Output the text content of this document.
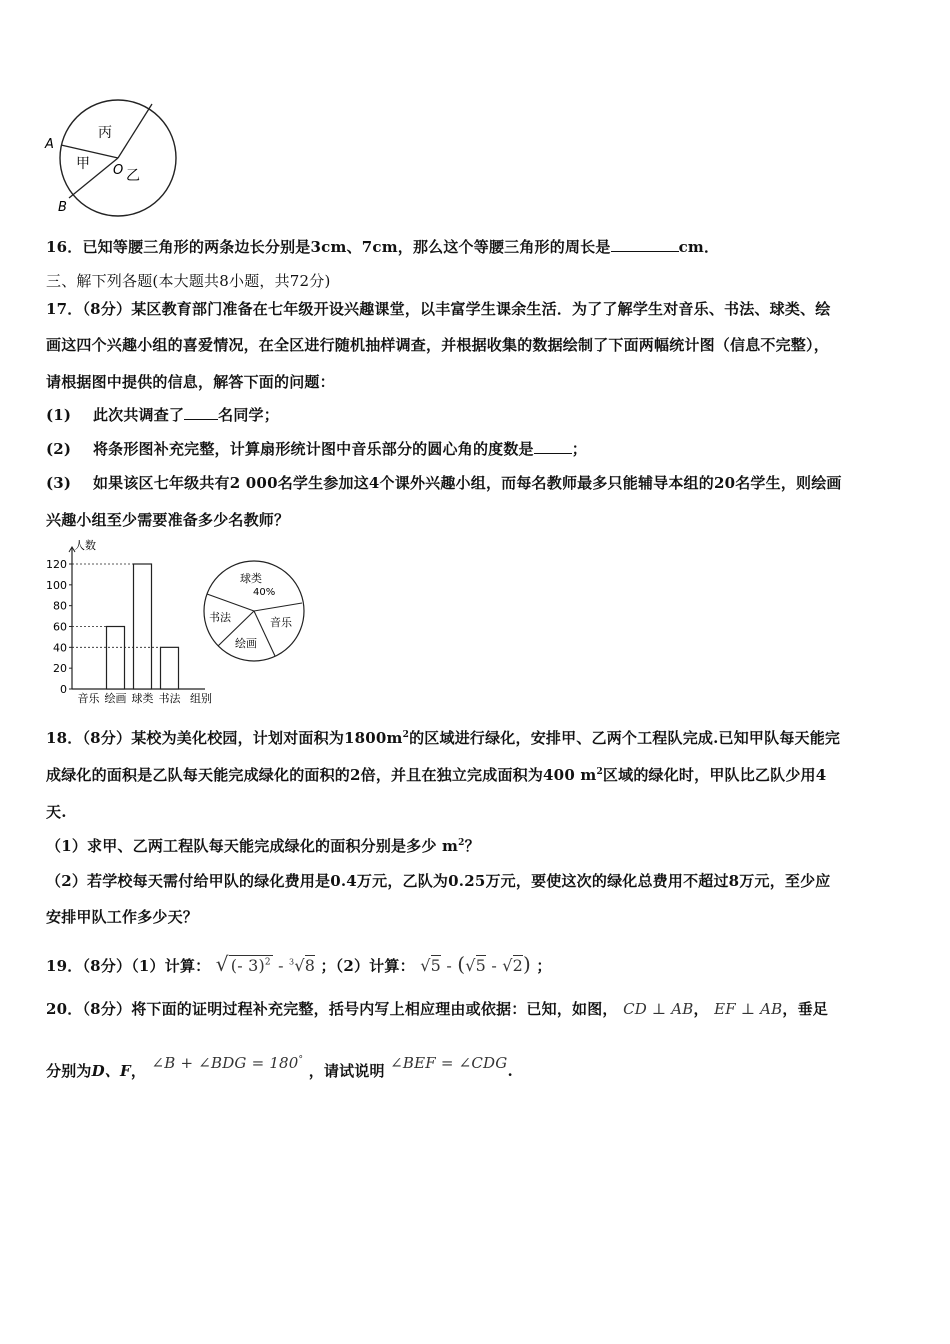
A
B
O
丙
甲
乙
16．已知等腰三角形的两条边长分别是3cm、7cm，那么这个等腰三角形的周长是	cm．
三、解下列各题(本大题共8小题，共72分)
17．（8分）某区教育部门准备在七年级开设兴趣课堂，以丰富学生课余生活．为了了解学生对音乐、书法、球类、绘
画这四个兴趣小组的喜爱情况，在全区进行随机抽样调查，并根据收集的数据绘制了下面两幅统计图（信息不完整），
请根据图中提供的信息，解答下面的问题：
(1) 此次共调查了 名同学；
(2) 将条形图补充完整，计算扇形统计图中音乐部分的圆心角的度数是	；
(3) 如果该区七年级共有2 000名学生参加这4个课外兴趣小组，而每名教师最多只能辅导本组的20名学生，则绘画
兴趣小组至少需要准备多少名教师？
0
20
40
60
80
100
120
人数
组别
音乐 绘画 球类 书法
球类
40%
音乐
绘画
书法
18．（8分）某校为美化校园，计划对面积为$1800m^2$的区域进行绿化，安排甲、乙两个工程队完成.已知甲队每天能完
成绿化的面积是乙队每天能完成绿化的面积的2倍，并且在独立完成面积为400 $m^2$区域的绿化时，甲队比乙队少用4
天.
（1）求甲、乙两工程队每天能完成绿化的面积分别是多少 $m^2$？
（2）若学校每天需付给甲队的绿化费用是0.4万元，乙队为0.25万元，要使这次的绿化总费用不超过8万元，至少应
安排甲队工作多少天？
19．（8分）（1）计算： √ (- 3)$^2$ - $^3$√8 ；（2）计算： √5 - (√5 - √2) ；
20．（8分）将下面的证明过程补充完整，括号内写上相应理由或依据：已知，如图， CD ⊥ AB， EF ⊥ AB，垂足
分别为D、F， ∠B + ∠BDG = 180° ，请试说明 ∠BEF = ∠CDG.
